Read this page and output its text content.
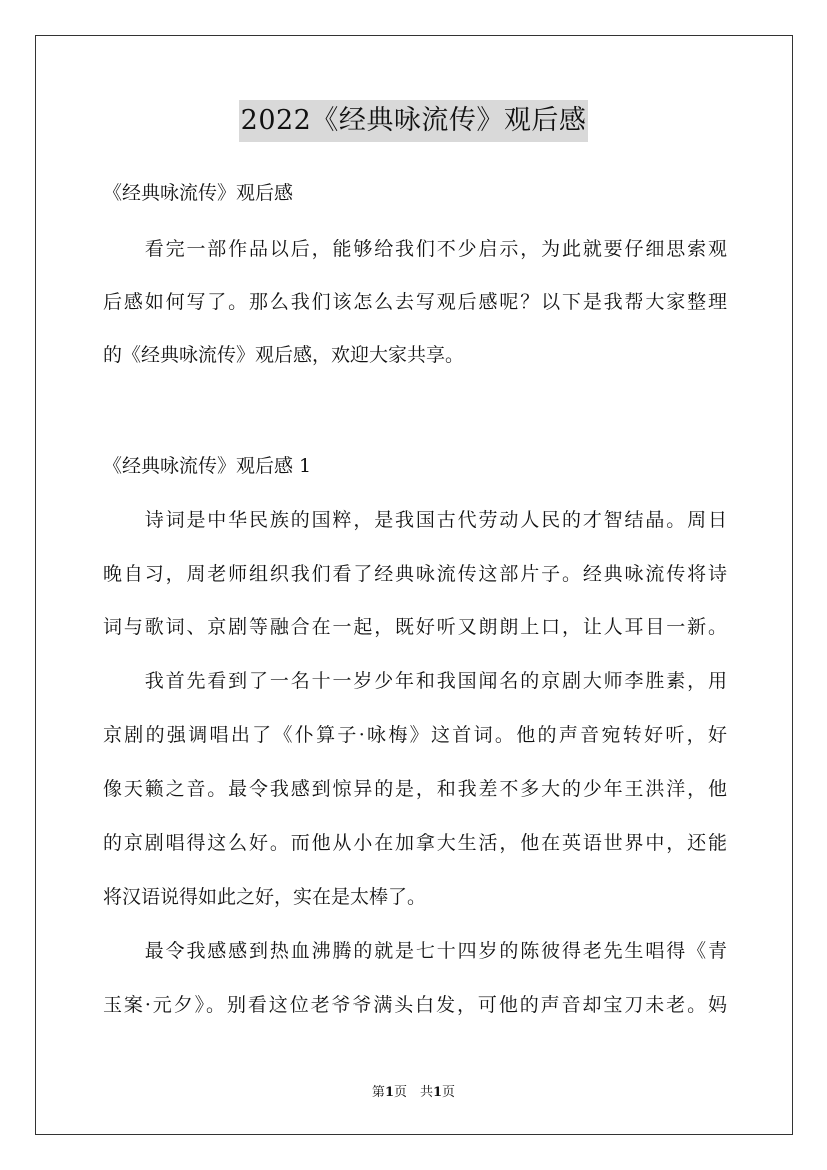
2022《经典咏流传》观后感
《经典咏流传》观后感
　　看完一部作品以后，能够给我们不少启示，为此就要仔细思索观
后感如何写了。那么我们该怎么去写观后感呢？以下是我帮大家整理
的《经典咏流传》观后感，欢迎大家共享。
《经典咏流传》观后感 1
　　诗词是中华民族的国粹，是我国古代劳动人民的才智结晶。周日
晚自习，周老师组织我们看了经典咏流传这部片子。经典咏流传将诗
词与歌词、京剧等融合在一起，既好听又朗朗上口，让人耳目一新。
　　我首先看到了一名十一岁少年和我国闻名的京剧大师李胜素，用
京剧的强调唱出了《仆算子·咏梅》这首词。他的声音宛转好听，好
像天籁之音。最令我感到惊异的是，和我差不多大的少年王洪洋，他
的京剧唱得这么好。而他从小在加拿大生活，他在英语世界中，还能
将汉语说得如此之好，实在是太棒了。
　　最令我感感到热血沸腾的就是七十四岁的陈彼得老先生唱得《青
玉案·元夕》。别看这位老爷爷满头白发，可他的声音却宝刀未老。妈
第1页　共1页
